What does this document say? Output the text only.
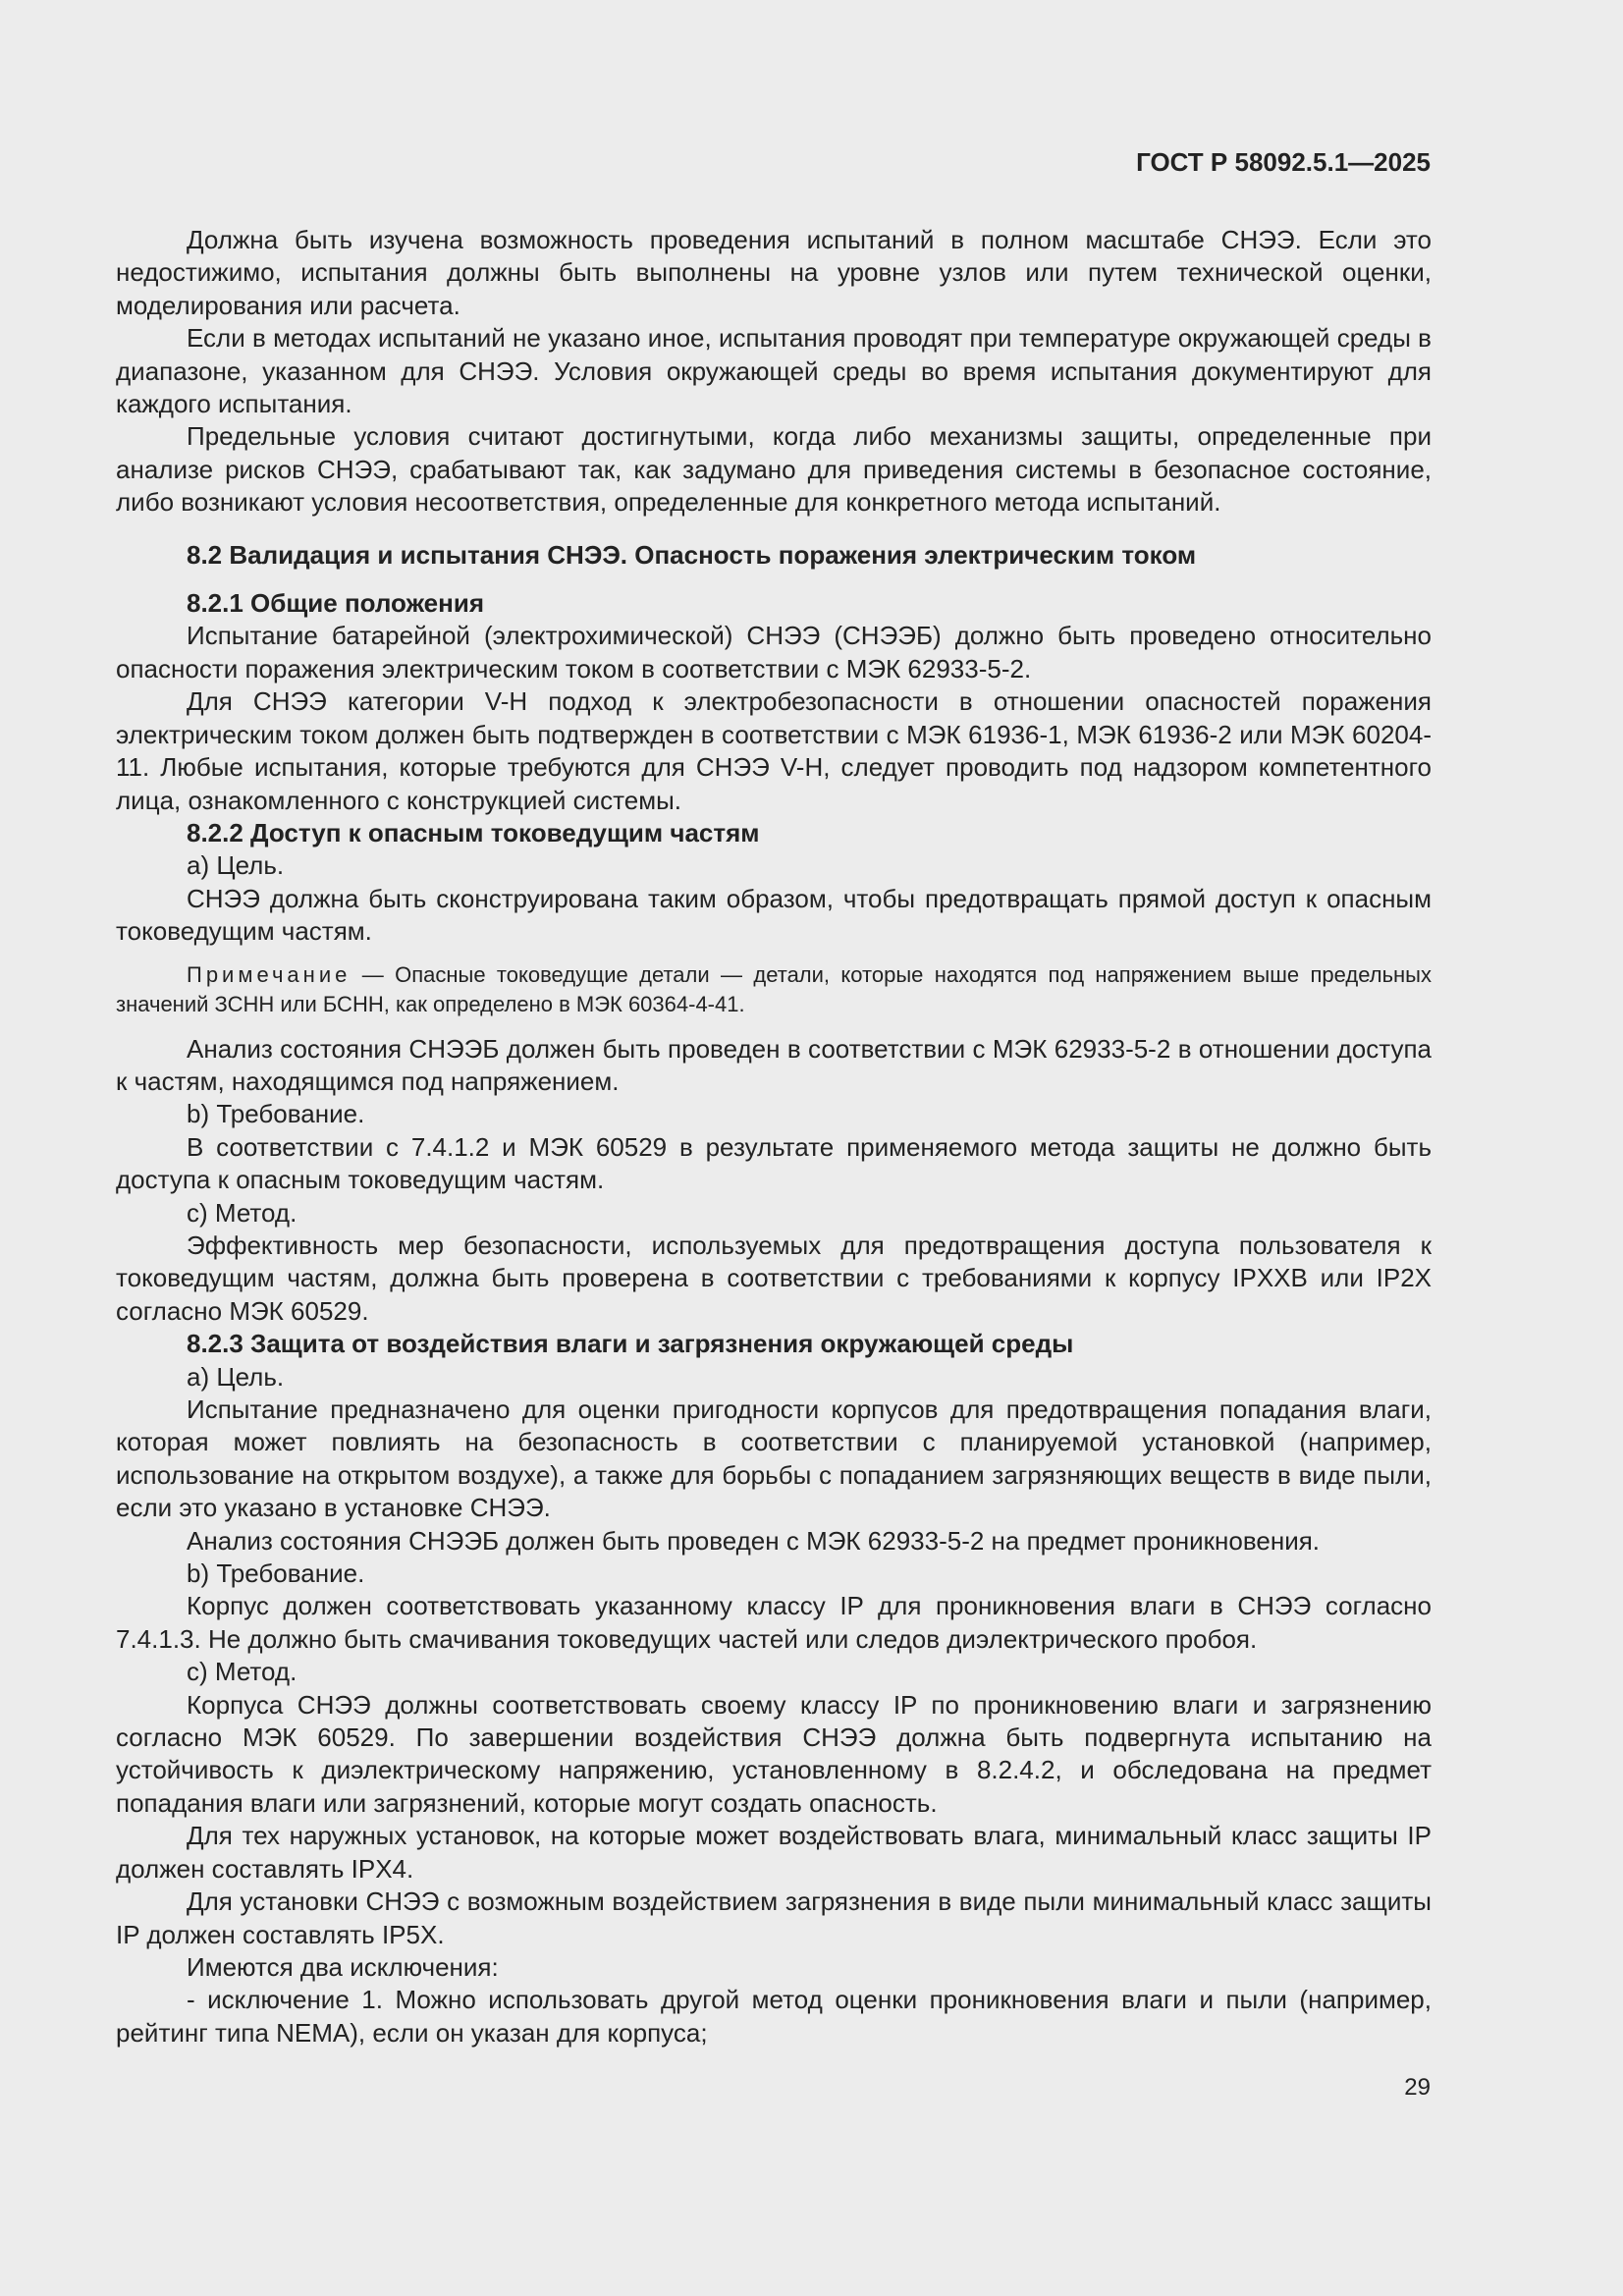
ГОСТ Р 58092.5.1—2025

Должна быть изучена возможность проведения испытаний в полном масштабе СНЭЭ. Если это недостижимо, испытания должны быть выполнены на уровне узлов или путем технической оценки, моделирования или расчета.

Если в методах испытаний не указано иное, испытания проводят при температуре окружающей среды в диапазоне, указанном для СНЭЭ. Условия окружающей среды во время испытания документируют для каждого испытания.

Предельные условия считают достигнутыми, когда либо механизмы защиты, определенные при анализе рисков СНЭЭ, срабатывают так, как задумано для приведения системы в безопасное состояние, либо возникают условия несоответствия, определенные для конкретного метода испытаний.

8.2 Валидация и испытания СНЭЭ. Опасность поражения электрическим током

8.2.1 Общие положения

Испытание батарейной (электрохимической) СНЭЭ (СНЭЭБ) должно быть проведено относительно опасности поражения электрическим током в соответствии с МЭК 62933-5-2.

Для СНЭЭ категории V-H подход к электробезопасности в отношении опасностей поражения электрическим током должен быть подтвержден в соответствии с МЭК 61936-1, МЭК 61936-2 или МЭК 60204-11. Любые испытания, которые требуются для СНЭЭ V-H, следует проводить под надзором компетентного лица, ознакомленного с конструкцией системы.

8.2.2 Доступ к опасным токоведущим частям

a) Цель.

СНЭЭ должна быть сконструирована таким образом, чтобы предотвращать прямой доступ к опасным токоведущим частям.

Примечание — Опасные токоведущие детали — детали, которые находятся под напряжением выше предельных значений ЗСНН или БСНН, как определено в МЭК 60364-4-41.

Анализ состояния СНЭЭБ должен быть проведен в соответствии с МЭК 62933-5-2 в отношении доступа к частям, находящимся под напряжением.

b) Требование.

В соответствии с 7.4.1.2 и МЭК 60529 в результате применяемого метода защиты не должно быть доступа к опасным токоведущим частям.

c) Метод.

Эффективность мер безопасности, используемых для предотвращения доступа пользователя к токоведущим частям, должна быть проверена в соответствии с требованиями к корпусу IPXXB или IP2X согласно МЭК 60529.

8.2.3 Защита от воздействия влаги и загрязнения окружающей среды

a) Цель.

Испытание предназначено для оценки пригодности корпусов для предотвращения попадания влаги, которая может повлиять на безопасность в соответствии с планируемой установкой (например, использование на открытом воздухе), а также для борьбы с попаданием загрязняющих веществ в виде пыли, если это указано в установке СНЭЭ.

Анализ состояния СНЭЭБ должен быть проведен с МЭК 62933-5-2 на предмет проникновения.

b) Требование.

Корпус должен соответствовать указанному классу IP для проникновения влаги в СНЭЭ согласно 7.4.1.3. Не должно быть смачивания токоведущих частей или следов диэлектрического пробоя.

c) Метод.

Корпуса СНЭЭ должны соответствовать своему классу IP по проникновению влаги и загрязнению согласно МЭК 60529. По завершении воздействия СНЭЭ должна быть подвергнута испытанию на устойчивость к диэлектрическому напряжению, установленному в 8.2.4.2, и обследована на предмет попадания влаги или загрязнений, которые могут создать опасность.

Для тех наружных установок, на которые может воздействовать влага, минимальный класс защиты IP должен составлять IPX4.

Для установки СНЭЭ с возможным воздействием загрязнения в виде пыли минимальный класс защиты IP должен составлять IP5X.

Имеются два исключения:

- исключение 1. Можно использовать другой метод оценки проникновения влаги и пыли (например, рейтинг типа NEMA), если он указан для корпуса;

29
